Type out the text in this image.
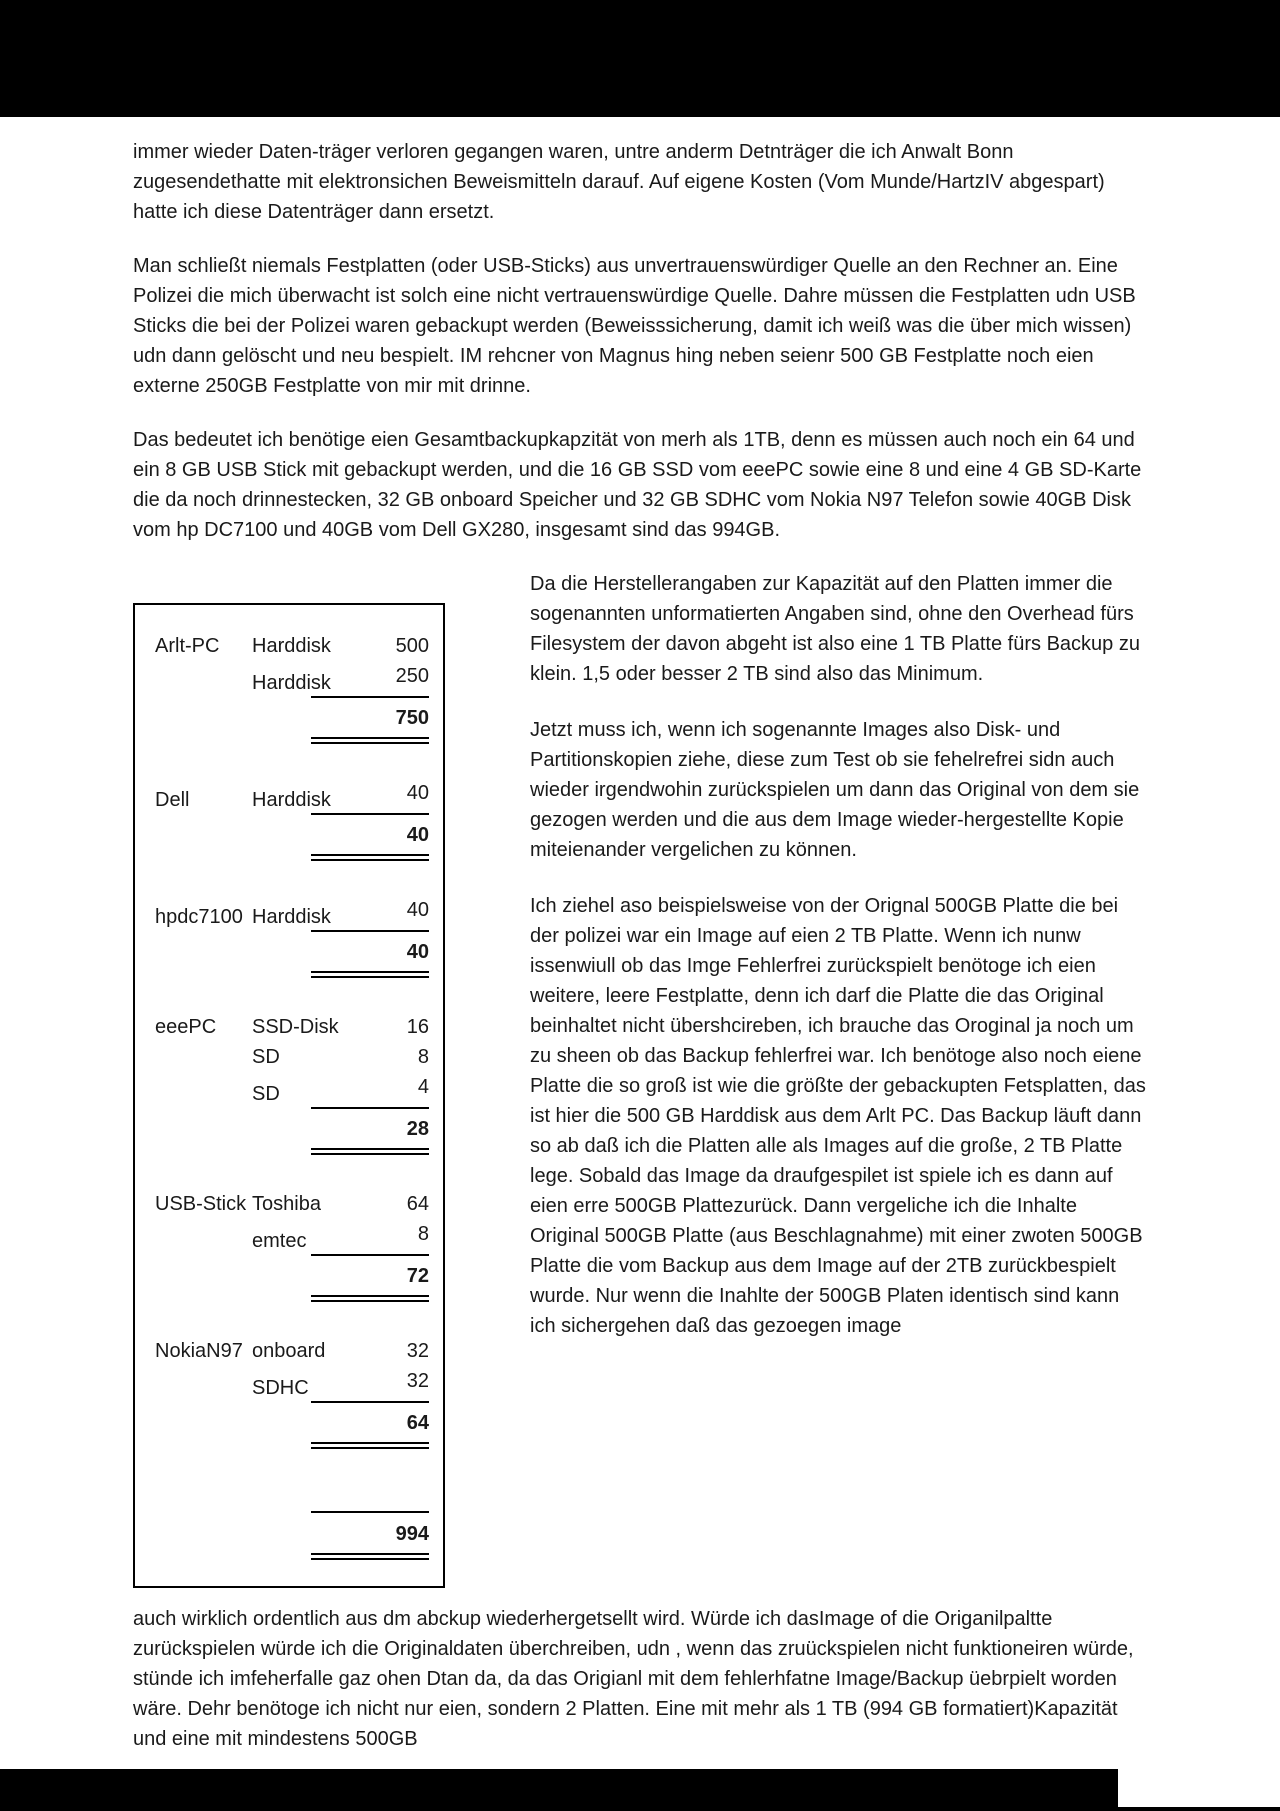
immer wieder Daten-träger verloren gegangen waren, untre anderm Detnträger die ich Anwalt Bonn zugesendethatte mit elektronsichen Beweismitteln darauf. Auf eigene Kosten (Vom Munde/HartzIV abgespart) hatte ich diese Datenträger dann ersetzt.

Man schließt niemals Festplatten (oder USB-Sticks) aus unvertrauenswürdiger Quelle an den Rechner an. Eine Polizei die mich überwacht ist solch eine nicht vertrauenswürdige Quelle. Dahre müssen die Festplatten udn USB Sticks die bei der Polizei waren gebackupt werden (Beweisssicherung, damit ich weiß was die über mich wissen) udn dann gelöscht und neu bespielt. IM rehcner von Magnus hing neben seienr 500 GB Festplatte noch eien externe 250GB Festplatte von mir mit drinne.

Das bedeutet ich benötige eien Gesamtbackupkapzität von merh als 1TB, denn es müssen auch noch ein 64 und ein 8 GB USB Stick mit gebackupt werden, und die 16 GB SSD vom eeePC sowie eine 8 und eine 4 GB SD-Karte die da noch drinnestecken, 32 GB onboard Speicher und 32 GB SDHC vom Nokia N97 Telefon sowie 40GB Disk vom hp DC7100 und 40GB vom Dell GX280, insgesamt sind das 994GB.

Arlt-PC	Harddisk	500
Harddisk	250
750
Dell	Harddisk	40
40
hpdc7100 Harddisk	40
40
eeePC	SSD-Disk	16
SD	8
SD	4
28
USB-Stick Toshiba	64
emtec	8
72
NokiaN97 onboard	32
SDHC	32
64
994

Da die Herstellerangaben zur Kapazität auf den Platten immer die sogenannten unformatierten Angaben sind, ohne den Overhead fürs Filesystem der davon abgeht ist also eine 1 TB Platte fürs Backup zu klein. 1,5 oder besser 2 TB sind also das Minimum.

Jetzt muss ich, wenn ich sogenannte Images also Disk- und Partitionskopien ziehe, diese zum Test ob sie fehelrefrei sidn auch wieder irgendwohin zurückspielen um dann das Original von dem sie gezogen werden und die aus dem Image wieder-hergestellte Kopie miteienander vergelichen zu können.

Ich ziehel aso beispielsweise von der Orignal 500GB Platte die bei der polizei war ein Image auf eien 2 TB Platte. Wenn ich nunw issenwiull ob das Imge Fehlerfrei zurückspielt benötoge ich eien weitere, leere Festplatte, denn ich darf die Platte die das Original beinhaltet nicht übershcireben, ich brauche das Oroginal ja noch um zu sheen ob das Backup fehlerfrei war. Ich benötoge also noch eiene Platte die so groß ist wie die größte der gebackupten Fetsplatten, das ist hier die 500 GB Harddisk aus dem Arlt PC. Das Backup läuft dann so ab daß ich die Platten alle als Images auf die große, 2 TB Platte lege. Sobald das Image da draufgespilet ist spiele ich es dann auf eien erre 500GB Plattezurück. Dann vergeliche ich die Inhalte Original 500GB Platte (aus Beschlagnahme) mit einer zwoten 500GB Platte die vom Backup aus dem Image auf der 2TB zurückbespielt wurde. Nur wenn die Inahlte der 500GB Platen identisch sind kann ich sichergehen daß das gezoegen image

auch wirklich ordentlich aus dm abckup wiederhergetsellt wird. Würde ich dasImage of die Origanilpaltte zurückspielen würde ich die Originaldaten überchreiben, udn , wenn das zruückspielen nicht funktioneiren würde, stünde ich imfeherfalle gaz ohen Dtan da, da das Origianl mit dem fehlerhfatne Image/Backup üebrpielt worden wäre. Dehr benötoge ich nicht nur eien, sondern 2 Platten. Eine mit mehr als 1 TB (994 GB formatiert)Kapazität und eine mit mindestens 500GB
